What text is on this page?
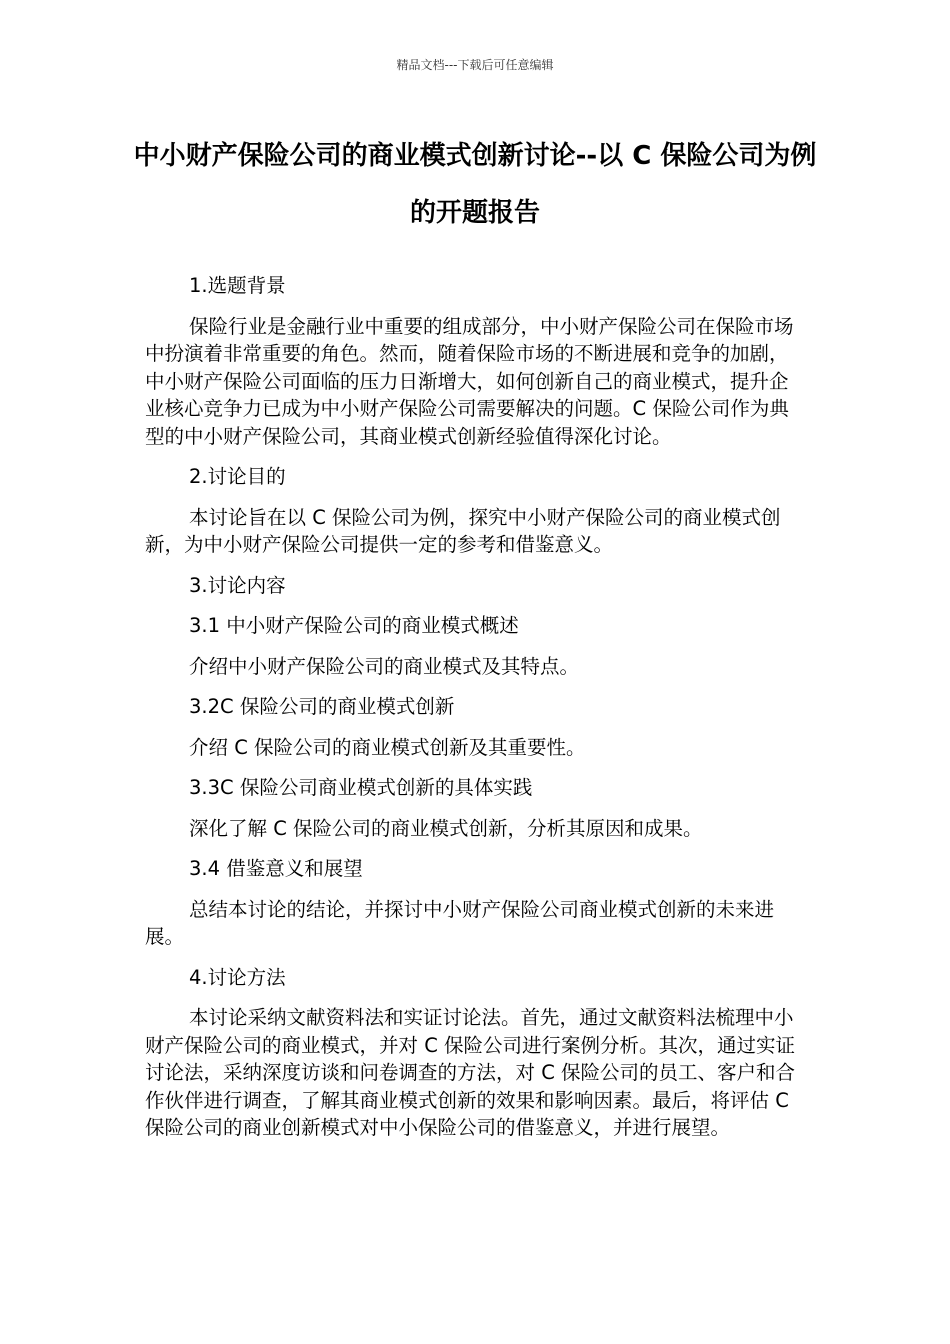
精品文档---下载后可任意编辑
中小财产保险公司的商业模式创新讨论--以 C 保险公司为例的开题报告

1.选题背景

保险行业是金融行业中重要的组成部分，中小财产保险公司在保险市场中扮演着非常重要的角色。然而，随着保险市场的不断进展和竞争的加剧，中小财产保险公司面临的压力日渐增大，如何创新自己的商业模式，提升企业核心竞争力已成为中小财产保险公司需要解决的问题。C 保险公司作为典型的中小财产保险公司，其商业模式创新经验值得深化讨论。

2.讨论目的

本讨论旨在以 C 保险公司为例，探究中小财产保险公司的商业模式创新，为中小财产保险公司提供一定的参考和借鉴意义。

3.讨论内容

3.1 中小财产保险公司的商业模式概述

介绍中小财产保险公司的商业模式及其特点。

3.2C 保险公司的商业模式创新

介绍 C 保险公司的商业模式创新及其重要性。

3.3C 保险公司商业模式创新的具体实践

深化了解 C 保险公司的商业模式创新，分析其原因和成果。

3.4 借鉴意义和展望

总结本讨论的结论，并探讨中小财产保险公司商业模式创新的未来进展。

4.讨论方法

本讨论采纳文献资料法和实证讨论法。首先，通过文献资料法梳理中小财产保险公司的商业模式，并对 C 保险公司进行案例分析。其次，通过实证讨论法，采纳深度访谈和问卷调查的方法，对 C 保险公司的员工、客户和合作伙伴进行调查，了解其商业模式创新的效果和影响因素。最后，将评估 C 保险公司的商业创新模式对中小保险公司的借鉴意义，并进行展望。
